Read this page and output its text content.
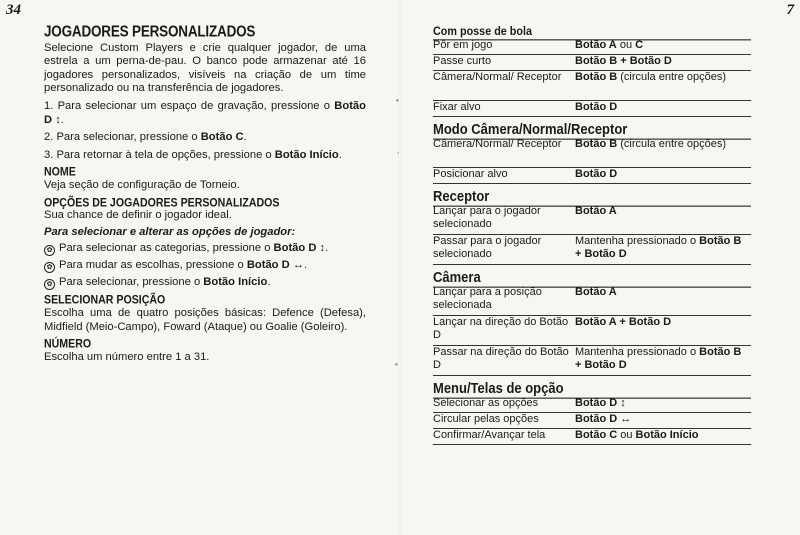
34
JOGADORES PERSONALIZADOS
Selecione Custom Players e crie qualquer jogador, de uma estrela a um perna-de-pau. O banco pode armazenar até 16 jogadores personalizados, visíveis na criação de um time personalizado ou na transferência de jogadores.
1. Para selecionar um espaço de gravação, pressione o Botão D ↕.
2. Para selecionar, pressione o Botão C.
3. Para retornar à tela de opções, pressione o Botão Início.
NOME
Veja seção de configuração de Torneio.
OPÇÕES DE JOGADORES PERSONALIZADOS
Sua chance de definir o jogador ideal.
Para selecionar e alterar as opções de jogador:
✿ Para selecionar as categorias, pressione o Botão D ↕.
✿ Para mudar as escolhas, pressione o Botão D ↔.
✿ Para selecionar, pressione o Botão Início.
SELECIONAR POSIÇÃO
Escolha uma de quatro posições básicas: Defence (Defesa), Midfield (Meio-Campo), Foward (Ataque) ou Goalie (Goleiro).
NÚMERO
Escolha um número entre 1 a 31.
7
Com posse de bola
Pôr em jogo	Botão A ou C
Passe curto	Botão B + Botão D
Câmera/Normal/ Receptor	Botão B (circula entre opções)
Fixar alvo	Botão D
Modo Câmera/Normal/Receptor
Câmera/Normal/ Receptor	Botão B (circula entre opções)
Posicionar alvo	Botão D
Receptor
Lançar para o jogador selecionado	Botão A
Passar para o jogador selecionado	Mantenha pressionado o Botão B + Botão D
Câmera
Lançar para a posição selecionada	Botão A
Lançar na direção do Botão D	Botão A + Botão D
Passar na direção do Botão D	Mantenha pressionado o Botão B + Botão D
Menu/Telas de opção
Selecionar as opções	Botão D ↕
Circular pelas opções	Botão D ↔
Confirmar/Avançar tela	Botão C ou Botão Início
•
,
•
